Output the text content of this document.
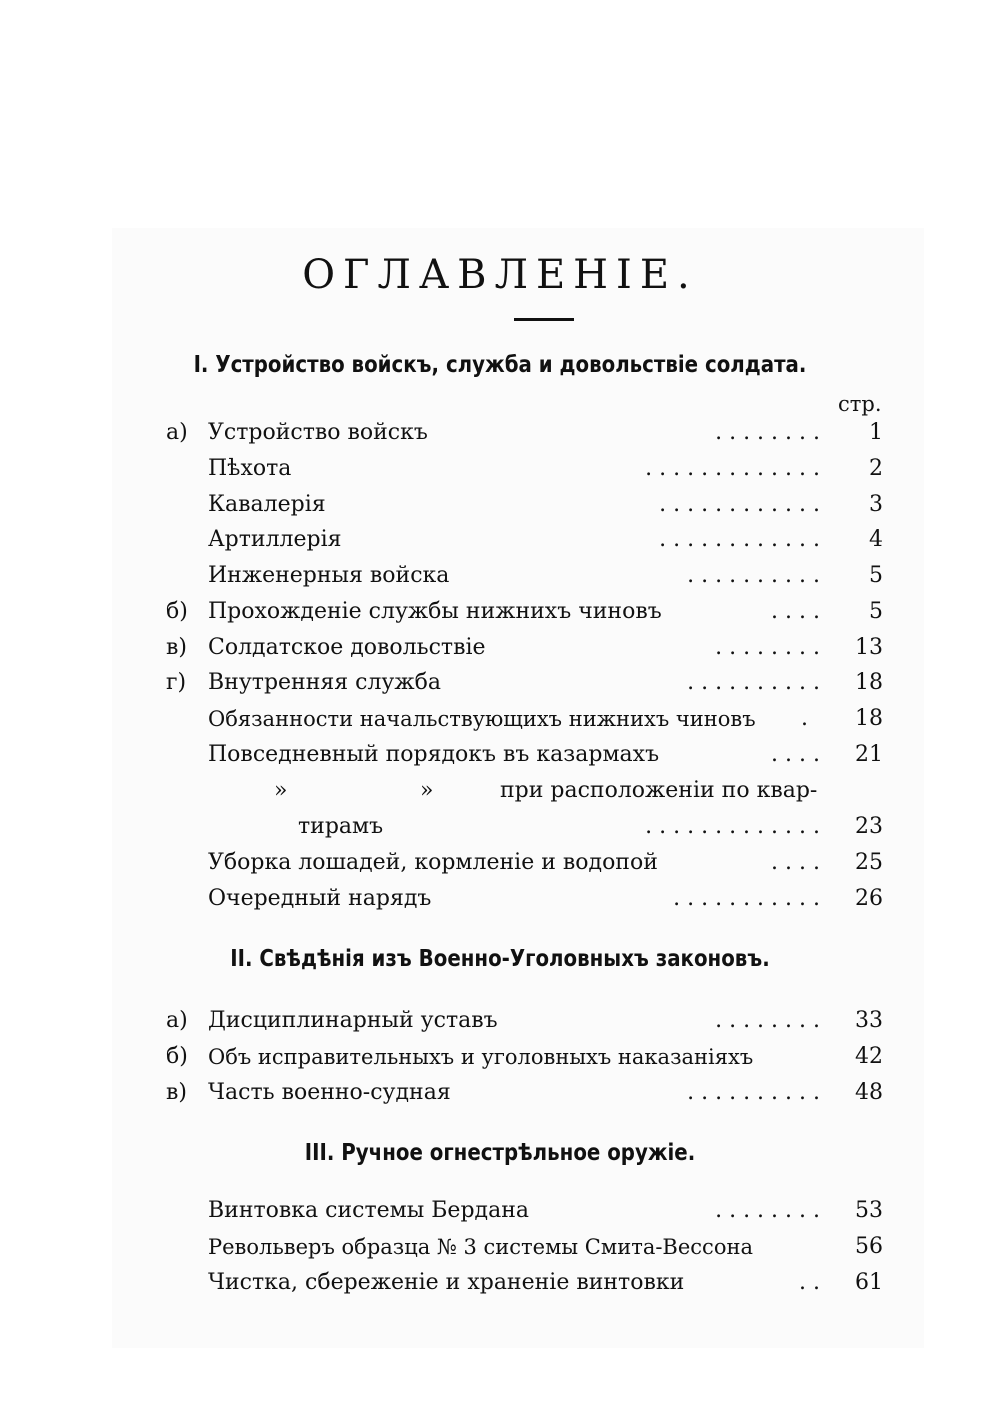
ОГЛАВЛЕНІЕ.
I. Устройство войскъ, служба и довольствіе солдата.
стр.
а) Устройство войскъ	. . . . . . . . 1
Пѣхота	. . . . . . . . . . . . . 2
Кавалерія	. . . . . . . . . . . . 3
Артиллерія	. . . . . . . . . . . . 4
Инженерныя войска	. . . . . . . . . . 5
б) Прохожденіе службы нижнихъ чиновъ	. . . . 5
в) Солдатское довольствіе	. . . . . . . . 13
г) Внутренняя служба	. . . . . . . . . . 18
Обязанности начальствующихъ нижнихъ чиновъ . 18
Повседневный порядокъ въ казармахъ	. . . . 21
»	»	при расположеніи по квар-
тирамъ	. . . . . . . . . . . . . 23
Уборка лошадей, кормленіе и водопой	. . . . 25
Очередный нарядъ	. . . . . . . . . . . 26
II. Свѣдѣнія изъ Военно-Уголовныхъ законовъ.
а) Дисциплинарный уставъ	. . . . . . . . 33
б) Объ исправительныхъ и уголовныхъ наказаніяхъ	42
в) Часть военно-судная	. . . . . . . . . . 48
III. Ручное огнестрѣльное оружіе.
Винтовка системы Бердана	. . . . . . . . 53
Револьверъ образца № 3 системы Смита-Вессона	56
Чистка, сбереженіе и храненіе винтовки	. . 61
